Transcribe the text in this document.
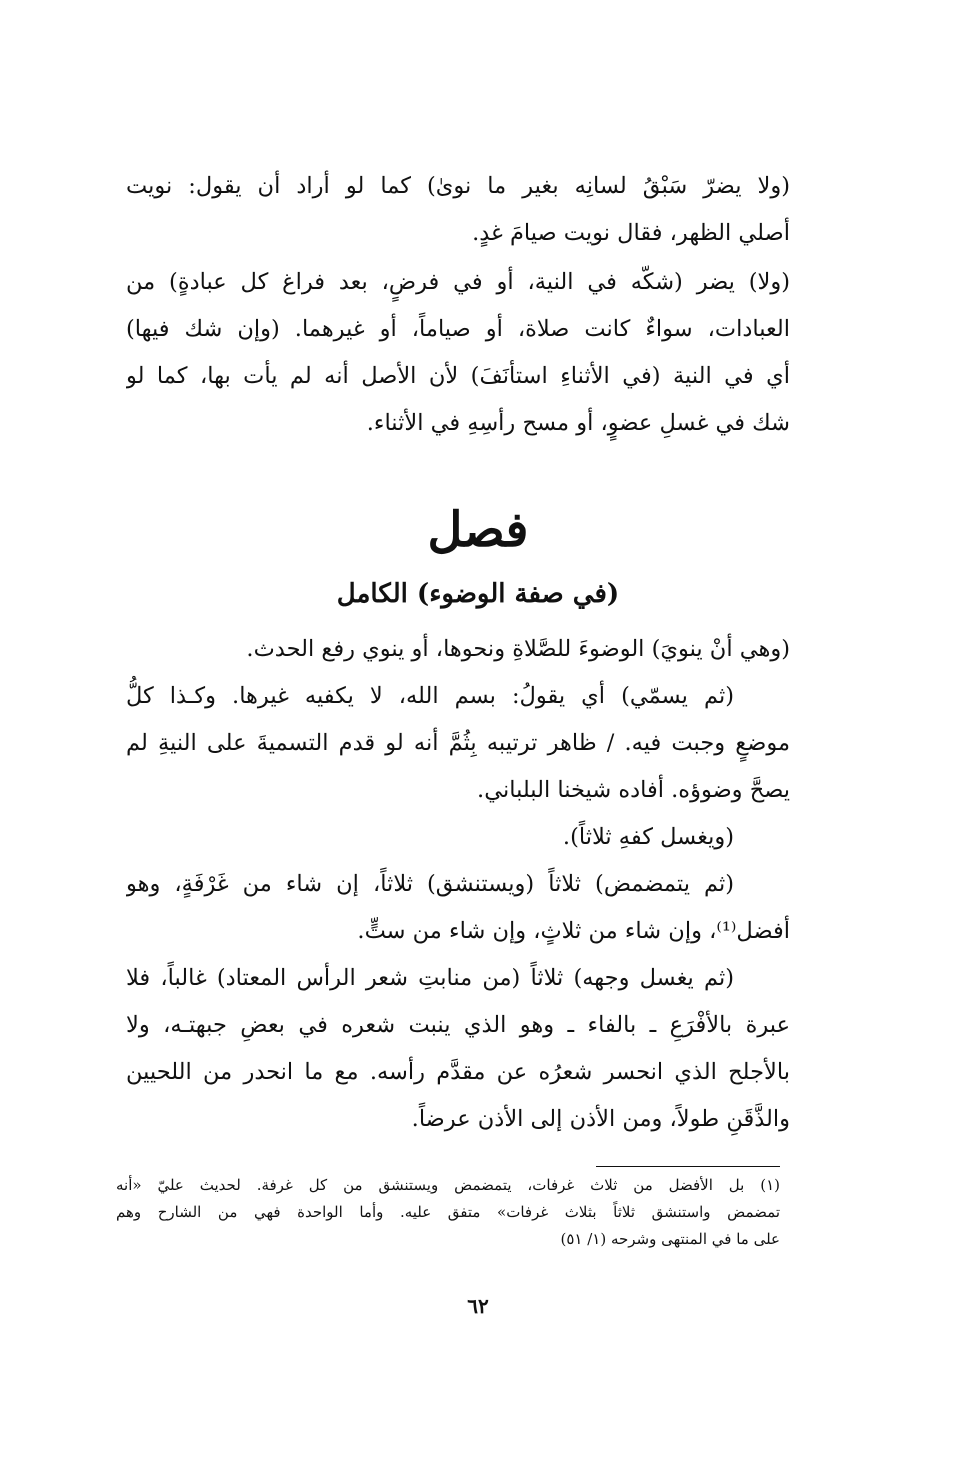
(ولا يضرّ سَبْقُ لسانِه بغير ما نوىٰ) كما لو أراد أن يقول: نويت
أصلي الظهر، فقال نويت صيامَ غدٍ.
(ولا) يضر (شكّه في النية، أو في فرضٍ، بعد فراغ كل عبادةٍ) من
العبادات، سواءٌ كانت صلاة، أو صياماً، أو غيرهما. (وإن شك فيها)
أي في النية (في الأثناءِ استأنَفَ) لأن الأصل أنه لم يأت بها، كما لو
شك في غسلِ عضوٍ، أو مسح رأسِهِ في الأثناء.
فصل
(في صفة الوضوء) الكامل
(وهي أنْ ينويَ) الوضوءَ للصَّلاةِ ونحوها، أو ينوي رفع الحدث.
(ثم يسمّي) أي يقولُ: بسم الله، لا يكفيه غيرها. وكـذا كلُّ
موضعٍ وجبت فيه. / ظاهر ترتيبه بِثُمَّ أنه لو قدم التسميةَ على النيةِ لم
يصحَّ وضوؤه. أفاده شيخنا البلباني.
(ويغسل كفهِ ثلاثاً).
(ثم يتمضمض) ثلاثاً (ويستنشق) ثلاثاً، إن شاء من غَرْفَةٍ، وهو
أفضل⁽¹⁾، وإن شاء من ثلاثٍ، وإن شاء من ستٍّ.
(ثم يغسل وجهه) ثلاثاً (من منابتِ شعر الرأس المعتاد) غالباً، فلا
عبرة بالأفْرَعِ ـ بالفاء ـ وهو الذي ينبت شعره في بعضِ جبهتـه، ولا
بالأجلح الذي انحسر شعرُه عن مقدَّم رأسه. مع ما انحدر من اللحيين
والذَّقَنِ طولاً، ومن الأذن إلى الأذن عرضاً.
(١) بل الأفضل من ثلاث غرفات، يتمضمض ويستنشق من كل غرفة. لحديث عليّ «أنه
تمضمض واستنشق ثلاثاً بثلاث غرفات» متفق عليه. وأما الواحدة فهي من الشارح وهم
على ما في المنتهى وشرحه (١/ ٥١)
٦٢
